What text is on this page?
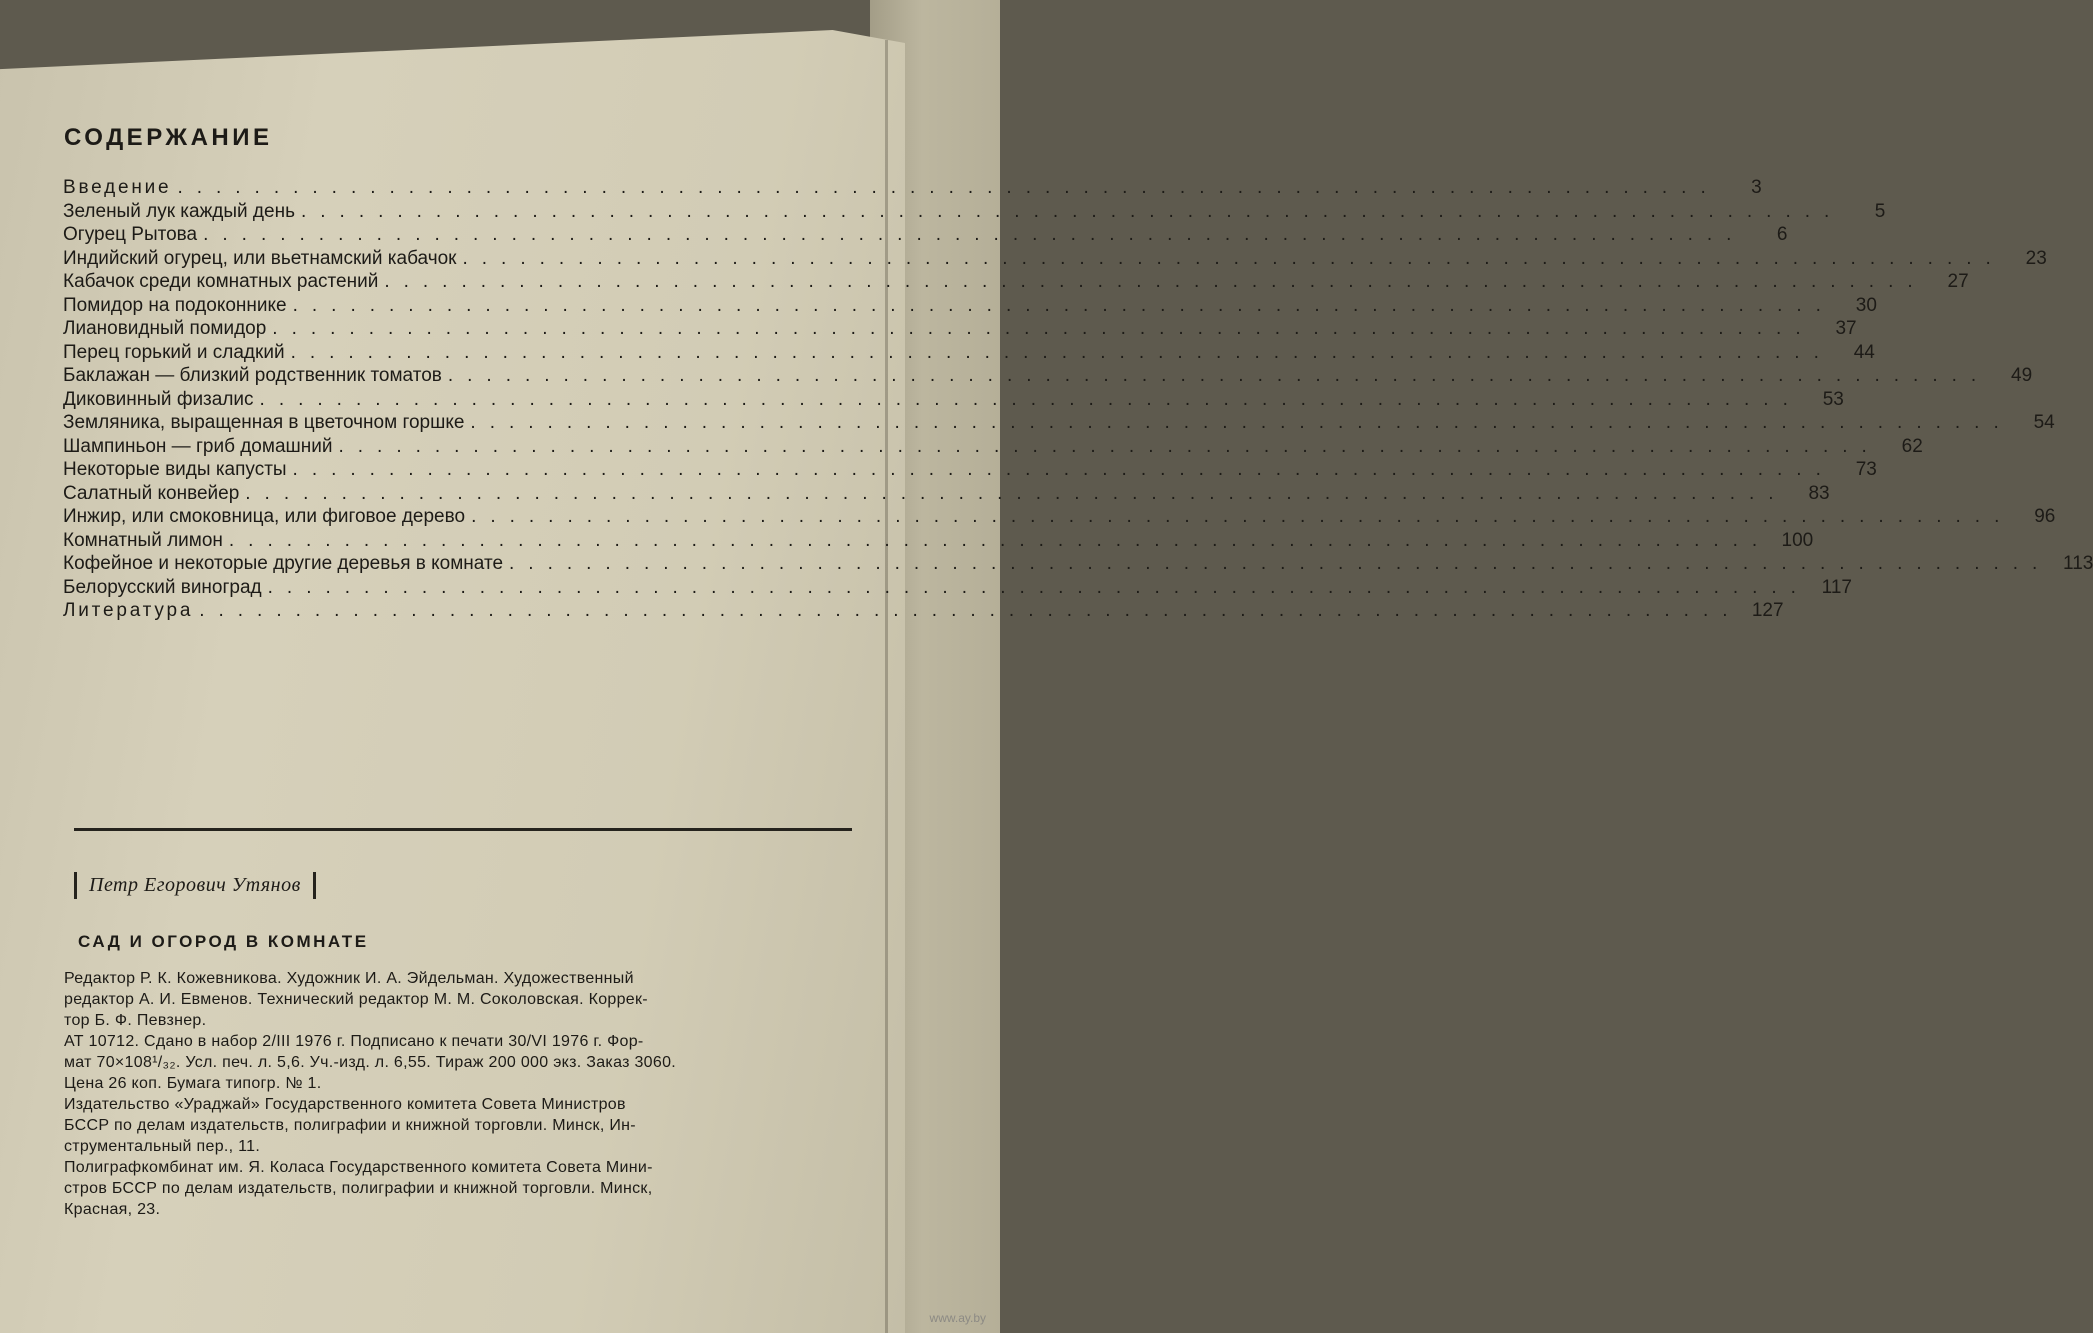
СОДЕРЖАНИЕ
Введение ................................................................................	3
Зеленый лук каждый день ................................................................................	5
Огурец Рытова ................................................................................	6
Индийский огурец, или вьетнамский кабачок ................................................................................	23
Кабачок среди комнатных растений ................................................................................	27
Помидор на подоконнике ................................................................................	30
Лиановидный помидор ................................................................................	37
Перец горький и сладкий ................................................................................	44
Баклажан — близкий родственник томатов ................................................................................	49
Диковинный физалис ................................................................................	53
Земляника, выращенная в цветочном горшке ................................................................................	54
Шампиньон — гриб домашний ................................................................................	62
Некоторые виды капусты ................................................................................	73
Салатный конвейер ................................................................................	83
Инжир, или смоковница, или фиговое дерево ................................................................................	96
Комнатный лимон ................................................................................ 100
Кофейное и некоторые другие деревья в комнате ................................................................................ 113
Белорусский виноград ................................................................................ 117
Литература ................................................................................ 127
Петр Егорович Утянов
САД И ОГОРОД В КОМНАТЕ

Редактор Р. К. Кожевникова. Художник И. А. Эйдельман. Художественный

редактор А. И. Евменов. Технический редактор М. М. Соколовская. Коррек-

тор Б. Ф. Певзнер.

АТ 10712. Сдано в набор 2/III 1976 г. Подписано к печати 30/VI 1976 г. Фор-

мат 70×108¹/₃₂. Усл. печ. л. 5,6. Уч.-изд. л. 6,55. Тираж 200 000 экз. Заказ 3060.

Цена 26 коп. Бумага типогр. № 1.

Издательство «Ураджай» Государственного комитета Совета Министров

БССР по делам издательств, полиграфии и книжной торговли. Минск, Ин-

струментальный пер., 11.

Полиграфкомбинат им. Я. Коласа Государственного комитета Совета Мини-

стров БССР по делам издательств, полиграфии и книжной торговли. Минск,

Красная, 23.

www.ay.by
